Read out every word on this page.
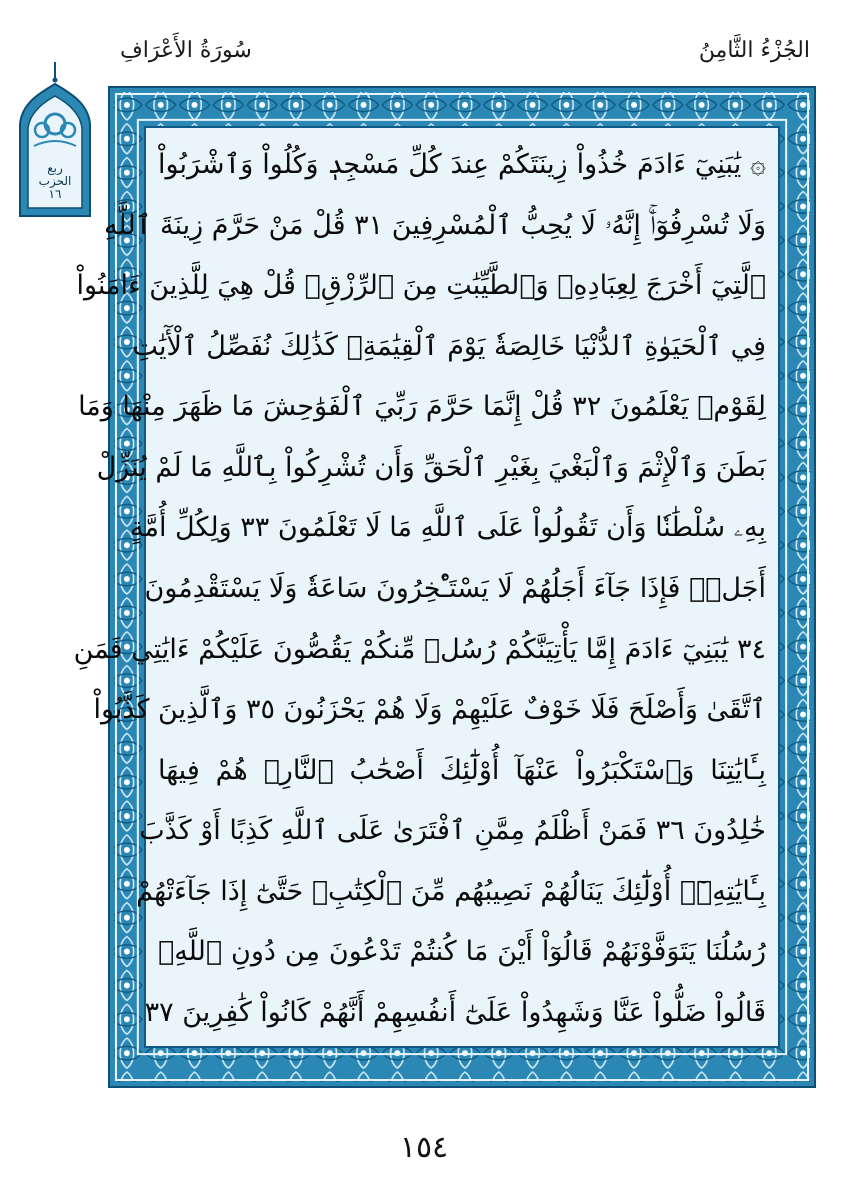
الجُزْءُ الثَّامِنُ
سُورَةُ الأَعْرَافِ
ربع
الحزب
١٦
۞ يَٰبَنِيٓ ءَادَمَ خُذُواْ زِينَتَكُمْ عِندَ كُلِّ مَسْجِدٖ وَكُلُواْ وَٱشْرَبُواْ
وَلَا تُسْرِفُوٓاْۚ إِنَّهُۥ لَا يُحِبُّ ٱلْمُسْرِفِينَ ٣١ قُلْ مَنْ حَرَّمَ زِينَةَ ٱللَّهِ
ٱلَّتِيٓ أَخْرَجَ لِعِبَادِهِۦ وَٱلطَّيِّبَٰتِ مِنَ ٱلرِّزْقِۚ قُلْ هِيَ لِلَّذِينَ ءَامَنُواْ
فِي ٱلْحَيَوٰةِ ٱلدُّنْيَا خَالِصَةٗ يَوْمَ ٱلْقِيَٰمَةِۗ كَذَٰلِكَ نُفَصِّلُ ٱلْأٓيَٰتِ
لِقَوْمٖ يَعْلَمُونَ ٣٢ قُلْ إِنَّمَا حَرَّمَ رَبِّيَ ٱلْفَوَٰحِشَ مَا ظَهَرَ مِنْهَا وَمَا
بَطَنَ وَٱلْإِثْمَ وَٱلْبَغْيَ بِغَيْرِ ٱلْحَقِّ وَأَن تُشْرِكُواْ بِٱللَّهِ مَا لَمْ يُنَزِّلْ
بِهِۦ سُلْطَٰنٗا وَأَن تَقُولُواْ عَلَى ٱللَّهِ مَا لَا تَعْلَمُونَ ٣٣ وَلِكُلِّ أُمَّةٍ
أَجَلٞۖ فَإِذَا جَآءَ أَجَلُهُمْ لَا يَسْتَـْٔخِرُونَ سَاعَةٗ وَلَا يَسْتَقْدِمُونَ
٣٤ يَٰبَنِيٓ ءَادَمَ إِمَّا يَأْتِيَنَّكُمْ رُسُلٞ مِّنكُمْ يَقُصُّونَ عَلَيْكُمْ ءَايَٰتِي فَمَنِ
ٱتَّقَىٰ وَأَصْلَحَ فَلَا خَوْفٌ عَلَيْهِمْ وَلَا هُمْ يَحْزَنُونَ ٣٥ وَٱلَّذِينَ كَذَّبُواْ
بِـَٔايَٰتِنَا وَٱسْتَكْبَرُواْ عَنْهَآ أُوْلَٰٓئِكَ أَصْحَٰبُ ٱلنَّارِۖ هُمْ فِيهَا
خَٰلِدُونَ ٣٦ فَمَنْ أَظْلَمُ مِمَّنِ ٱفْتَرَىٰ عَلَى ٱللَّهِ كَذِبًا أَوْ كَذَّبَ
بِـَٔايَٰتِهِۦٓۚ أُوْلَٰٓئِكَ يَنَالُهُمْ نَصِيبُهُم مِّنَ ٱلْكِتَٰبِۖ حَتَّىٰٓ إِذَا جَآءَتْهُمْ
رُسُلُنَا يَتَوَفَّوْنَهُمْ قَالُوٓاْ أَيْنَ مَا كُنتُمْ تَدْعُونَ مِن دُونِ ٱللَّهِۖ
قَالُواْ ضَلُّواْ عَنَّا وَشَهِدُواْ عَلَىٰٓ أَنفُسِهِمْ أَنَّهُمْ كَانُواْ كَٰفِرِينَ ٣٧
١٥٤
